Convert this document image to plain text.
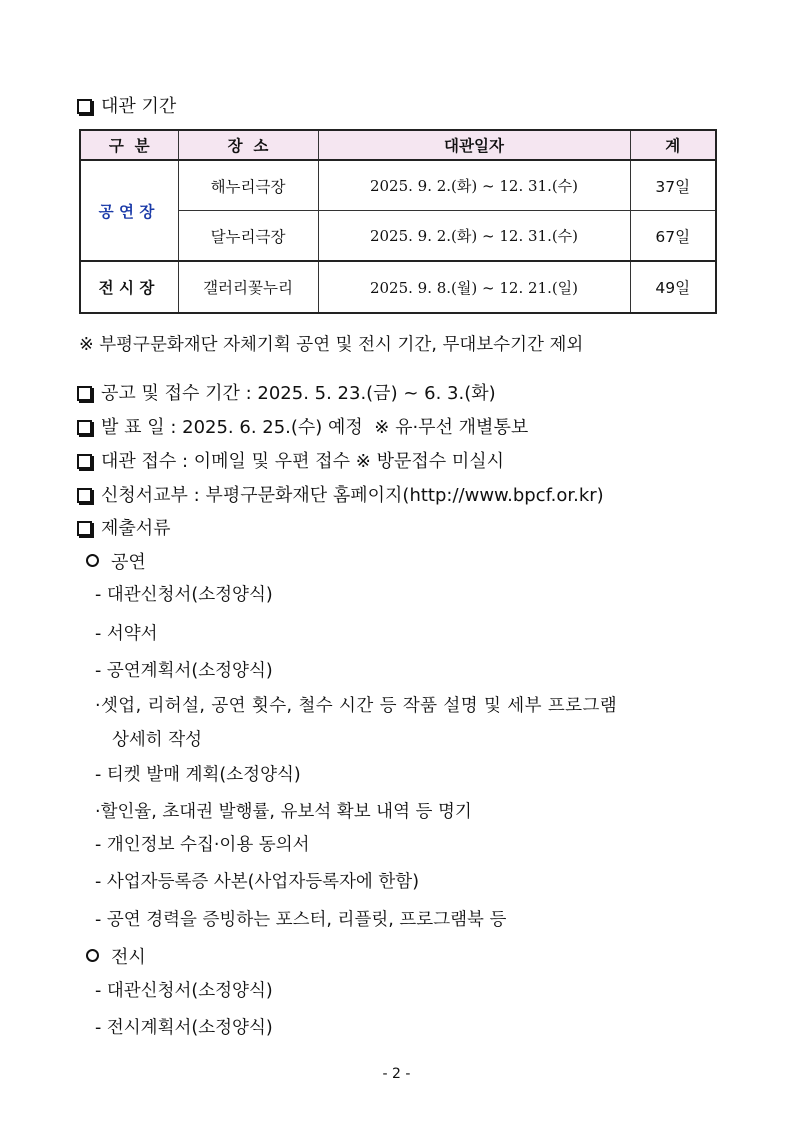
대관 기간
구  분	장  소	대관일자	계
공연장	해누리극장	2025. 9. 2.(화) ~ 12. 31.(수)	37일
	달누리극장	2025. 9. 2.(화) ~ 12. 31.(수)	67일
전시장	갤러리꽃누리	2025. 9. 8.(월) ~ 12. 21.(일)	49일
※ 부평구문화재단 자체기획 공연 및 전시 기간, 무대보수기간 제외
공고 및 접수 기간 : 2025. 5. 23.(금) ~ 6. 3.(화)
발 표 일 : 2025. 6. 25.(수) 예정  ※ 유·무선 개별통보
대관 접수 : 이메일 및 우편 접수 ※ 방문접수 미실시
신청서교부 : 부평구문화재단 홈페이지(http://www.bpcf.or.kr)
제출서류
공연
- 대관신청서(소정양식)
- 서약서
- 공연계획서(소정양식)
·셋업, 리허설, 공연 횟수, 철수 시간 등 작품 설명 및 세부 프로그램
상세히 작성
- 티켓 발매 계획(소정양식)
·할인율, 초대권 발행률, 유보석 확보 내역 등 명기
- 개인정보 수집·이용 동의서
- 사업자등록증 사본(사업자등록자에 한함)
- 공연 경력을 증빙하는 포스터, 리플릿, 프로그램북 등
전시
- 대관신청서(소정양식)
- 전시계획서(소정양식)
- 2 -
